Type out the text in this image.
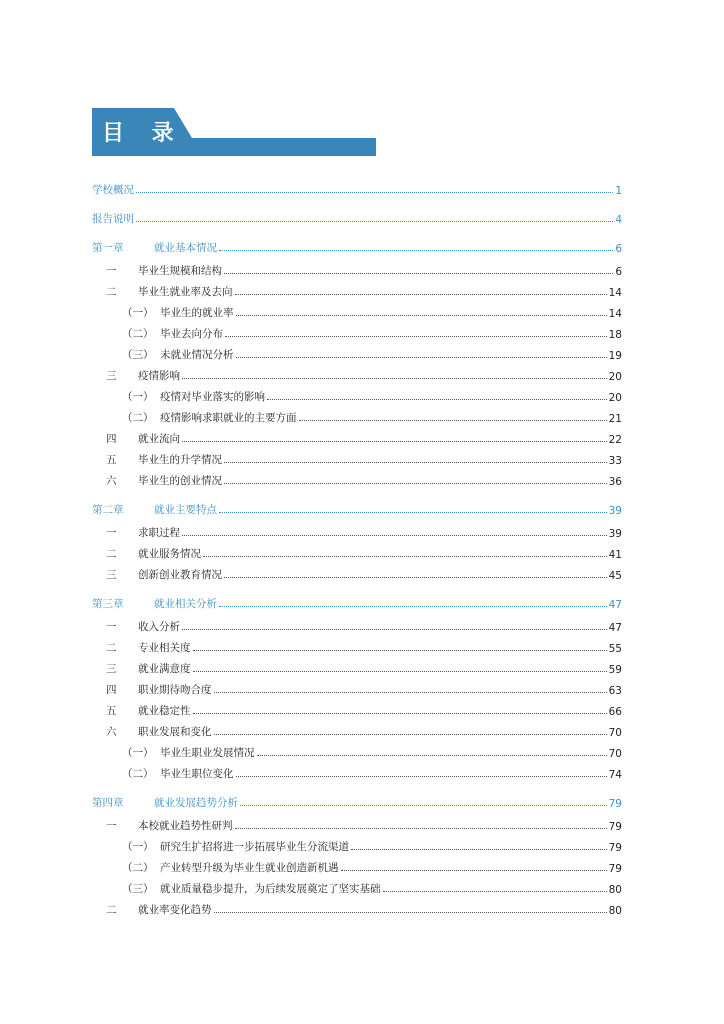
目 录
学校概况	1
报告说明	4
第一章	就业基本情况	6
一	毕业生规模和结构	6
二	毕业生就业率及去向	14
（一） 毕业生的就业率	14
（二） 毕业去向分布	18
（三） 未就业情况分析	19
三	疫情影响	20
（一） 疫情对毕业落实的影响	20
（二） 疫情影响求职就业的主要方面	21
四	就业流向	22
五	毕业生的升学情况	33
六	毕业生的创业情况	36
第二章	就业主要特点	39
一	求职过程	39
二	就业服务情况	41
三	创新创业教育情况	45
第三章	就业相关分析	47
一	收入分析	47
二	专业相关度	55
三	就业满意度	59
四	职业期待吻合度	63
五	就业稳定性	66
六	职业发展和变化	70
（一） 毕业生职业发展情况	70
（二） 毕业生职位变化	74
第四章	就业发展趋势分析	79
一	本校就业趋势性研判	79
（一） 研究生扩招将进一步拓展毕业生分流渠道	79
（二） 产业转型升级为毕业生就业创造新机遇	79
（三） 就业质量稳步提升，为后续发展奠定了坚实基础	80
二	就业率变化趋势	80
